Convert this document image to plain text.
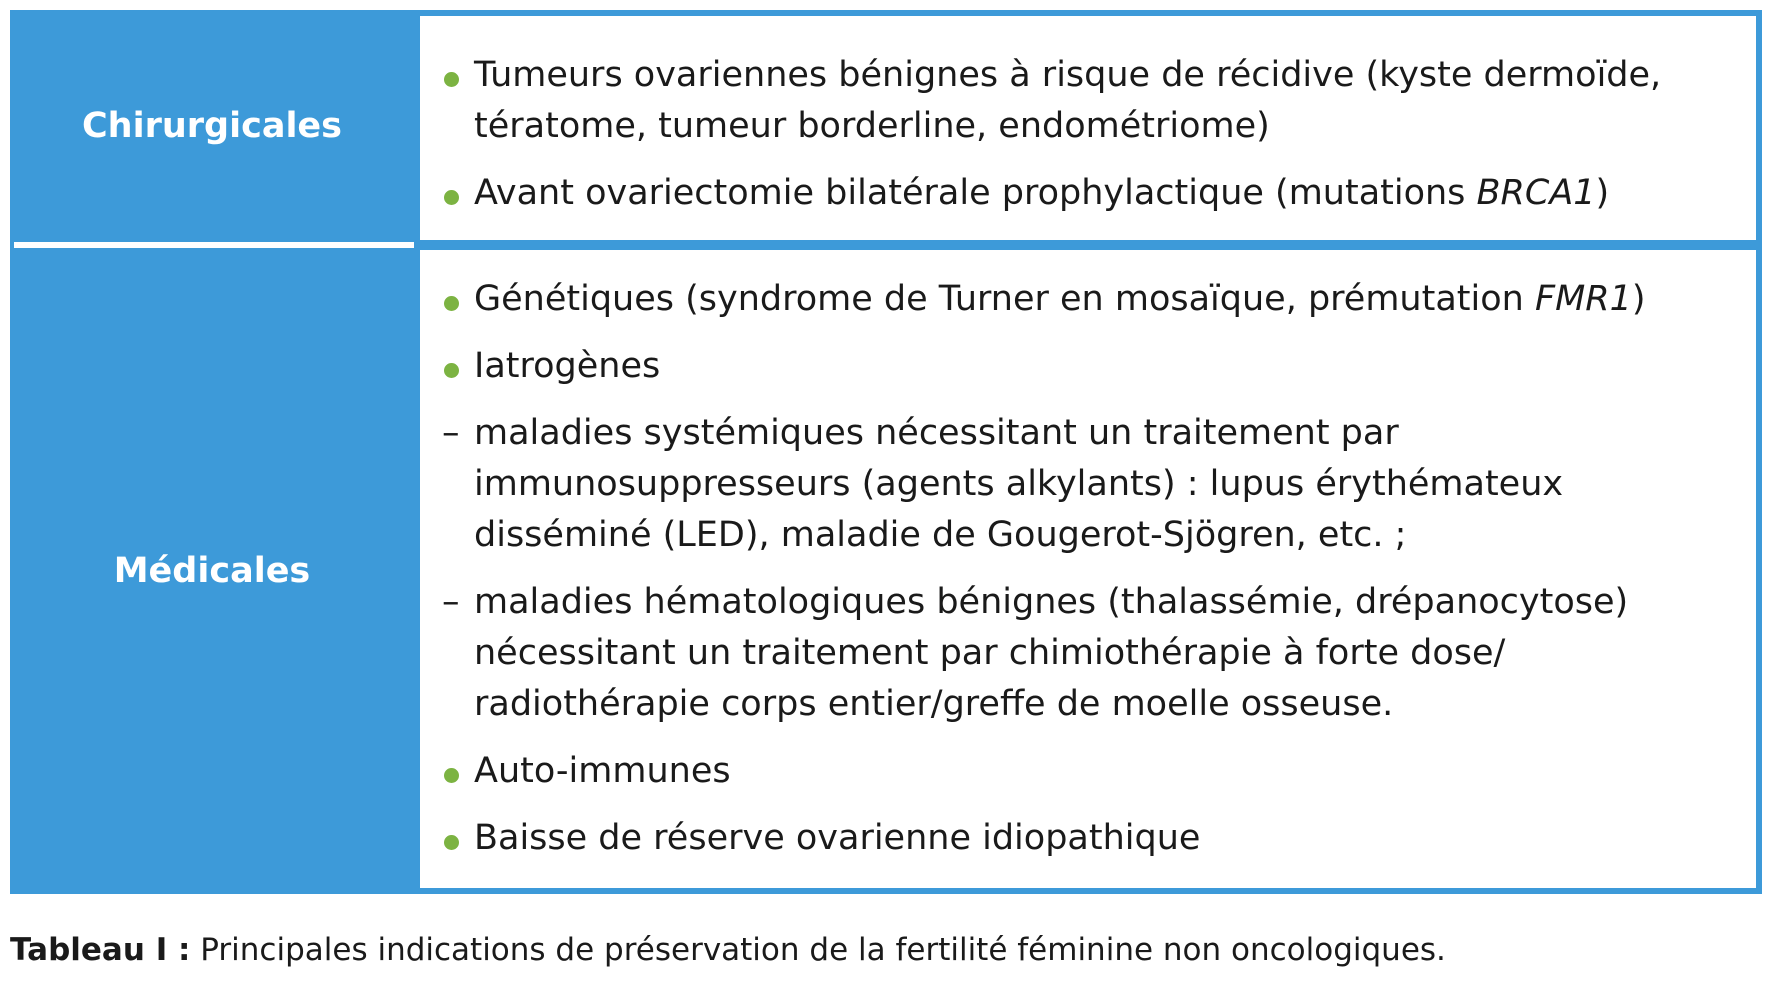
Chirurgicales
Médicales
Tumeurs ovariennes bénignes à risque de récidive (kyste dermoïde, tératome, tumeur borderline, endométriome)
Avant ovariectomie bilatérale prophylactique (mutations BRCA1)
Génétiques (syndrome de Turner en mosaïque, prémutation FMR1)
Iatrogènes
– maladies systémiques nécessitant un traitement par immunosuppresseurs (agents alkylants) : lupus érythémateux disséminé (LED), maladie de Gougerot-Sjögren, etc. ;
– maladies hématologiques bénignes (thalassémie, drépanocytose) nécessitant un traitement par chimiothérapie à forte dose/ radiothérapie corps entier/greffe de moelle osseuse.
Auto-immunes
Baisse de réserve ovarienne idiopathique
Tableau I : Principales indications de préservation de la fertilité féminine non oncologiques.
